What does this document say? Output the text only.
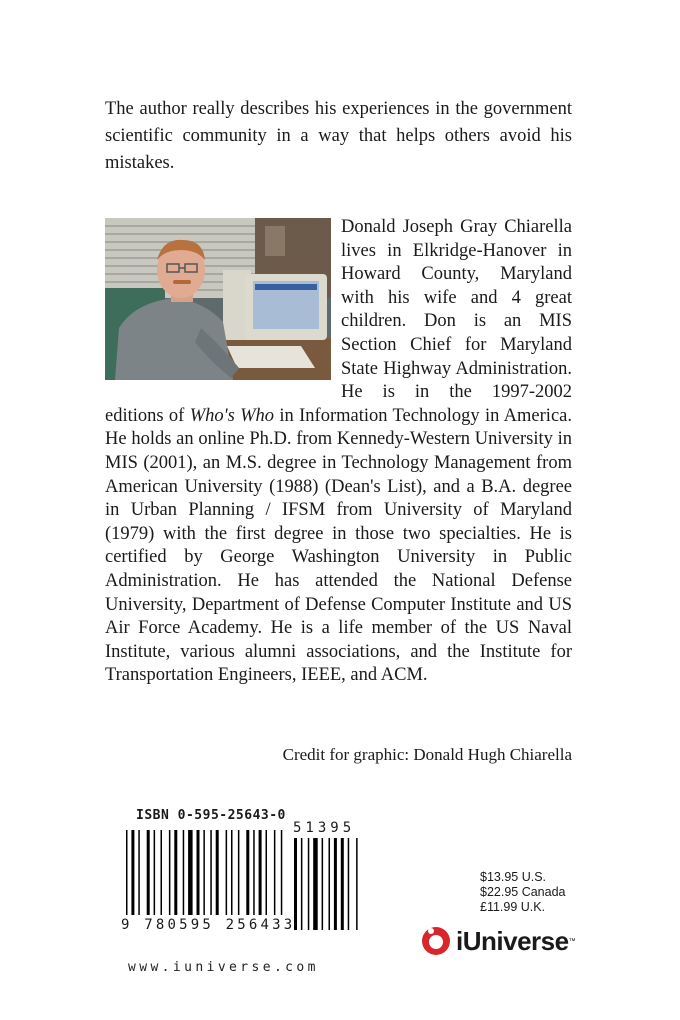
The author really describes his experiences in the government scientific community in a way that helps others avoid his mistakes.

Donald Joseph Gray Chiarella lives in Elkridge-Hanover in Howard County, Maryland with his wife and 4 great children. Don is an MIS Section Chief for Maryland State Highway Administration. He is in the 1997-2002 editions of Who's Who in Information Technology in America. He holds an online Ph.D. from Kennedy-Western University in MIS (2001), an M.S. degree in Technology Management from American University (1988) (Dean's List), and a B.A. degree in Urban Planning / IFSM from University of Maryland (1979) with the first degree in those two specialties. He is certified by George Washington University in Public Administration. He has attended the National Defense University, Department of Defense Computer Institute and US Air Force Academy. He is a life member of the US Naval Institute, various alumni associations, and the Institute for Transportation Engineers, IEEE, and ACM.

Credit for graphic: Donald Hugh Chiarella

ISBN 0-595-25643-0
51395
9 780595 256433
$13.95 U.S.
$22.95 Canada
£11.99 U.K.
iUniverse ™
www.iuniverse.com
